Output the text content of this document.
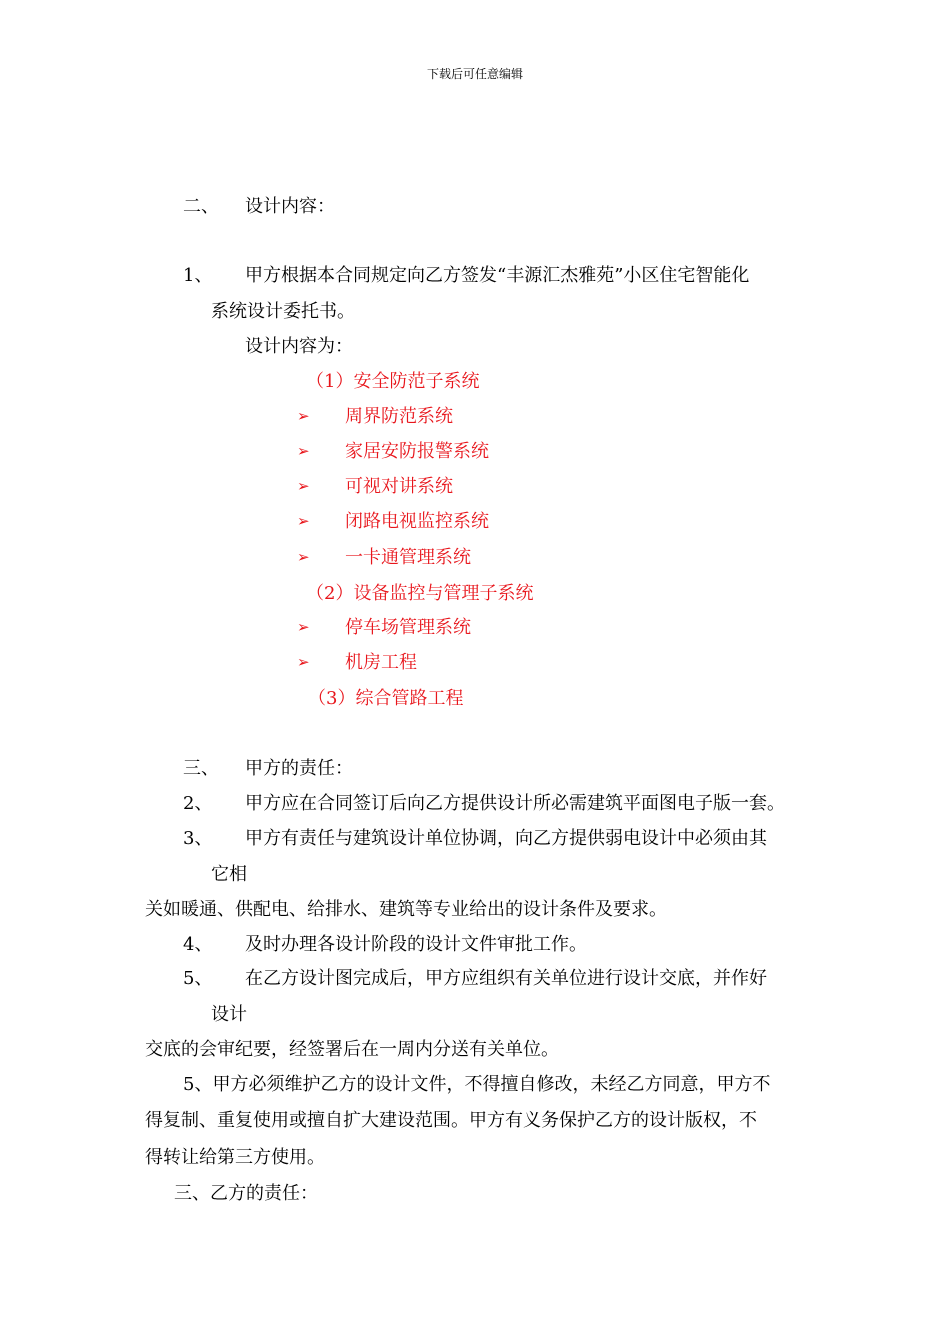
下载后可任意编辑
二、 设计内容：
1、 甲方根据本合同规定向乙方签发“丰源汇杰雅苑”小区住宅智能化
系统设计委托书。
设计内容为：
（1）安全防范子系统
➢ 周界防范系统
➢ 家居安防报警系统
➢ 可视对讲系统
➢ 闭路电视监控系统
➢ 一卡通管理系统
（2）设备监控与管理子系统
➢ 停车场管理系统
➢ 机房工程
（3）综合管路工程
三、 甲方的责任：
2、 甲方应在合同签订后向乙方提供设计所必需建筑平面图电子版一套。
3、 甲方有责任与建筑设计单位协调，向乙方提供弱电设计中必须由其
它相
关如暖通、供配电、给排水、建筑等专业给出的设计条件及要求。
4、 及时办理各设计阶段的设计文件审批工作。
5、 在乙方设计图完成后，甲方应组织有关单位进行设计交底，并作好
设计
交底的会审纪要，经签署后在一周内分送有关单位。
5、甲方必须维护乙方的设计文件，不得擅自修改，未经乙方同意，甲方不
得复制、重复使用或擅自扩大建设范围。甲方有义务保护乙方的设计版权，不
得转让给第三方使用。
三、乙方的责任：
